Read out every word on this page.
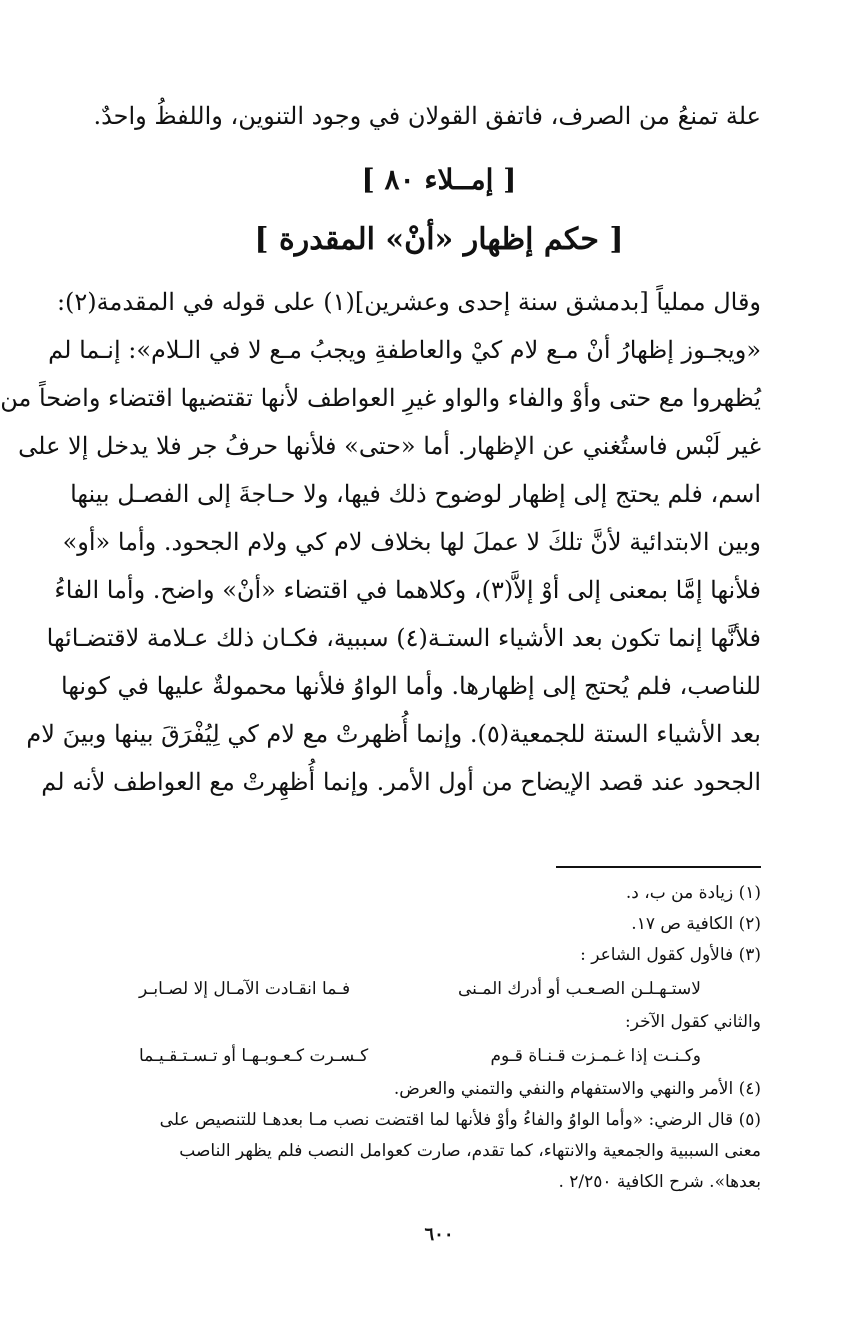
علة تمنعُ من الصرف، فاتفق القولان في وجود التنوين، واللفظُ واحدٌ.

[ إمــلاء ٨٠ ]
[ حكم إظهار «أنْ» المقدرة ]

وقال مملياً [بدمشق سنة إحدى وعشرين](١) على قوله في المقدمة(٢):

«ويجـوز إظهارُ أنْ مـع لام كيْ والعاطفةِ ويجبُ مـع لا في الـلام»: إنـما لم

يُظهروا مع حتى وأوْ والفاء والواو غيرِ العواطف لأنها تقتضيها اقتضاء واضحاً من

غير لَبْس فاستُغني عن الإظهار. أما «حتى» فلأنها حرفُ جر فلا يدخل إلا على

اسم، فلم يحتج إلى إظهار لوضوح ذلك فيها، ولا حـاجةَ إلى الفصـل بينها

وبين الابتدائية لأنَّ تلكَ لا عملَ لها بخلاف لام كي ولام الجحود. وأما «أو»

فلأنها إمَّا بمعنى إلى أوْ إلاَّ(٣)، وكلاهما في اقتضاء «أنْ» واضح. وأما الفاءُ

فلأنَّها إنما تكون بعد الأشياء الستـة(٤) سببية، فكـان ذلك عـلامة لاقتضـائها

للناصب، فلم يُحتج إلى إظهارها. وأما الواوُ فلأنها محمولةٌ عليها في كونها

بعد الأشياء الستة للجمعية(٥). وإنما أُظهرتْ مع لام كي لِيُفْرَقَ بينها وبينَ لام

الجحود عند قصد الإيضاح من أول الأمر. وإنما أُظهِرتْ مع العواطف لأنه لم

(١) زيادة من ب، د.

(٢) الكافية ص ١٧.

(٣) فالأول كقول الشاعر :

لاستـهـلـن الصـعـب أو أدرك المـنى
فـما انقـادت الآمـال إلا لصـابـر

والثاني كقول الآخر:

وكـنـت إذا غـمـزت قـنـاة قـوم
كـسـرت كـعـوبـهـا أو تـسـتـقـيـما

(٤) الأمر والنهي والاستفهام والنفي والتمني والعرض.

(٥) قال الرضي: «وأما الواوُ والفاءُ وأوْ فلأنها لما اقتضت نصب مـا بعدهـا للتنصيص على

معنى السببية والجمعية والانتهاء، كما تقدم، صارت كعوامل النصب فلم يظهر الناصب

بعدها». شرح الكافية ٢/٢٥٠ .

٦٠٠
